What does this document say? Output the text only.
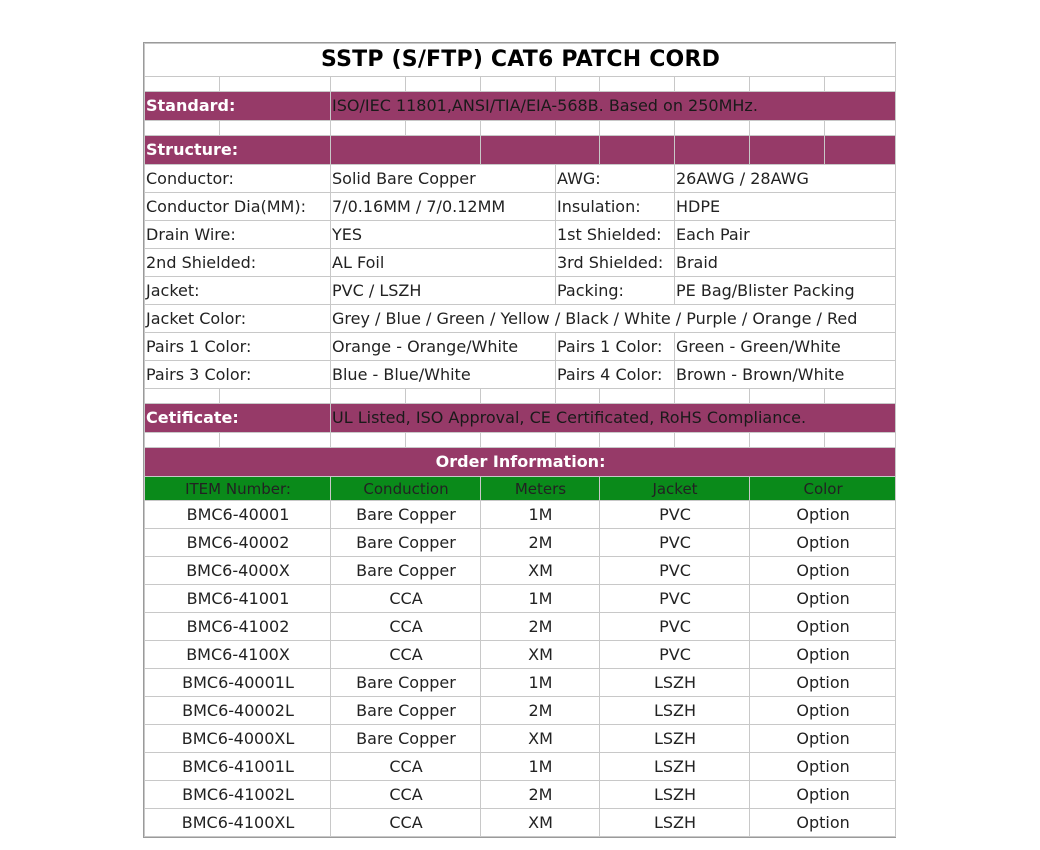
SSTP (S/FTP) CAT6 PATCH CORD									

Standard:		ISO/IEC 11801,ANSI/TIA/EIA-568B. Based on 250MHz.							

Structure:									
Conductor:		Solid Bare Copper			AWG:		26AWG / 28AWG		
Conductor Dia(MM):		7/0.16MM / 7/0.12MM			Insulation:		HDPE		
Drain Wire:		YES			1st Shielded:		Each Pair		
2nd Shielded:		AL Foil			3rd Shielded:		Braid		
Jacket:		PVC / LSZH			Packing:		PE Bag/Blister Packing		
Jacket Color:		Grey / Blue / Green / Yellow / Black / White / Purple / Orange / Red							
Pairs 1 Color:		Orange - Orange/White			Pairs 1 Color:		Green - Green/White		
Pairs 3 Color:		Blue - Blue/White			Pairs 4 Color:		Brown - Brown/White		

Cetificate:		UL Listed, ISO Approval, CE Certificated, RoHS Compliance.							

Order Information:									
ITEM Number:		Conduction		Meters		Jacket		Color	
BMC6-40001		Bare Copper		1M		PVC		Option	
BMC6-40002		Bare Copper		2M		PVC		Option	
BMC6-4000X		Bare Copper		XM		PVC		Option	
BMC6-41001		CCA		1M		PVC		Option	
BMC6-41002		CCA		2M		PVC		Option	
BMC6-4100X		CCA		XM		PVC		Option	
BMC6-40001L		Bare Copper		1M		LSZH		Option	
BMC6-40002L		Bare Copper		2M		LSZH		Option	
BMC6-4000XL		Bare Copper		XM		LSZH		Option	
BMC6-41001L		CCA		1M		LSZH		Option	
BMC6-41002L		CCA		2M		LSZH		Option	
BMC6-4100XL		CCA		XM		LSZH		Option	
